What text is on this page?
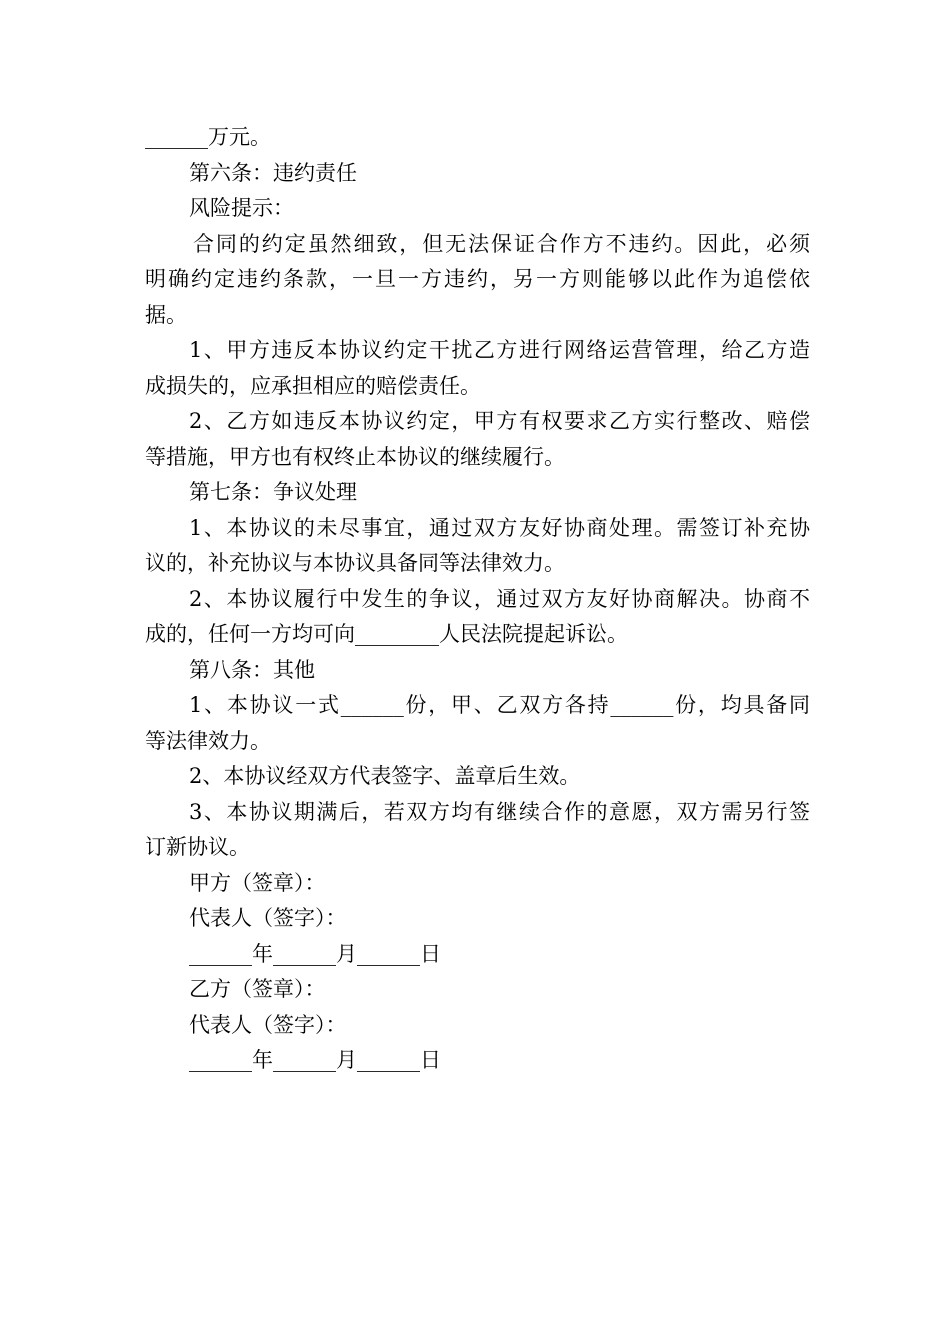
______万元。
第六条：违约责任
风险提示：
合同的约定虽然细致，但无法保证合作方不违约。因此，必须
明确约定违约条款，一旦一方违约，另一方则能够以此作为追偿依
据。
1、甲方违反本协议约定干扰乙方进行网络运营管理，给乙方造
成损失的，应承担相应的赔偿责任。
2、乙方如违反本协议约定，甲方有权要求乙方实行整改、赔偿
等措施，甲方也有权终止本协议的继续履行。
第七条：争议处理
1、本协议的未尽事宜，通过双方友好协商处理。需签订补充协
议的，补充协议与本协议具备同等法律效力。
2、本协议履行中发生的争议，通过双方友好协商解决。协商不
成的，任何一方均可向________人民法院提起诉讼。
第八条：其他
1、本协议一式______份，甲、乙双方各持______份，均具备同
等法律效力。
2、本协议经双方代表签字、盖章后生效。
3、本协议期满后，若双方均有继续合作的意愿，双方需另行签
订新协议。
甲方（签章）：
代表人（签字）：
______年______月______日
乙方（签章）：
代表人（签字）：
______年______月______日
